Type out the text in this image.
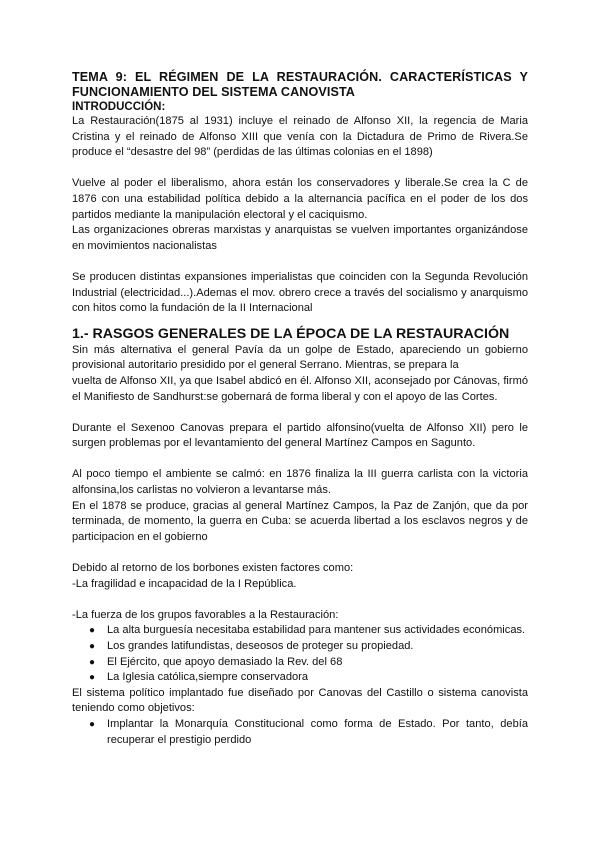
TEMA 9: EL RÉGIMEN DE LA RESTAURACIÓN. CARACTERÍSTICAS Y FUNCIONAMIENTO DEL SISTEMA CANOVISTA
INTRODUCCIÓN:

La Restauración(1875 al 1931) incluye el reinado de Alfonso XII, la regencia de Maria Cristina y el reinado de Alfonso XIII que venía con la Dictadura de Primo de Rivera.Se produce el “desastre del 98” (perdidas de las últimas colonias en el 1898)

Vuelve al poder el liberalismo, ahora están los conservadores y liberale.Se crea la C de 1876 con una estabilidad política debido a la alternancia pacífica en el poder de los dos partidos mediante la manipulación electoral y el caciquismo.

Las organizaciones obreras marxistas y anarquistas se vuelven importantes organizándose en movimientos nacionalistas

Se producen distintas expansiones imperialistas que coinciden con la Segunda Revolución Industrial (electricidad...).Ademas el mov. obrero crece a través del socialismo y anarquismo con hitos como la fundación de la II Internacional

1.- RASGOS GENERALES DE LA ÉPOCA DE LA RESTAURACIÓN

Sin más alternativa el general Pavía da un golpe de Estado, apareciendo un gobierno provisional autoritario presidido por el general Serrano. Mientras, se prepara la

vuelta de Alfonso XII, ya que Isabel abdicó en él. Alfonso XII, aconsejado por Cánovas, firmó el Manifiesto de Sandhurst:se gobernará de forma liberal y con el apoyo de las Cortes.

Durante el Sexenoo Canovas prepara el partido alfonsino(vuelta de Alfonso XII) pero le surgen problemas por el levantamiento del general Martínez Campos en Sagunto.

Al poco tiempo el ambiente se calmó: en 1876 finaliza la III guerra carlista con la victoria alfonsina,los carlistas no volvieron a levantarse más.

En el 1878 se produce, gracias al general Martínez Campos, la Paz de Zanjón, que da por terminada, de momento, la guerra en Cuba: se acuerda libertad a los esclavos negros y de participacion en el gobierno

Debido al retorno de los borbones existen factores como:

-La fragilidad e incapacidad de la I República.

-La fuerza de los grupos favorables a la Restauración:

● La alta burguesía necesitaba estabilidad para mantener sus actividades económicas.
● Los grandes latifundistas, deseosos de proteger su propiedad.
● El Ejército, que apoyo demasiado la Rev. del 68
● La Iglesia católica,siempre conservadora

El sistema político implantado fue diseñado por Canovas del Castillo o sistema canovista teniendo como objetivos:

● Implantar la Monarquía Constitucional como forma de Estado. Por tanto, debía recuperar el prestigio perdido
